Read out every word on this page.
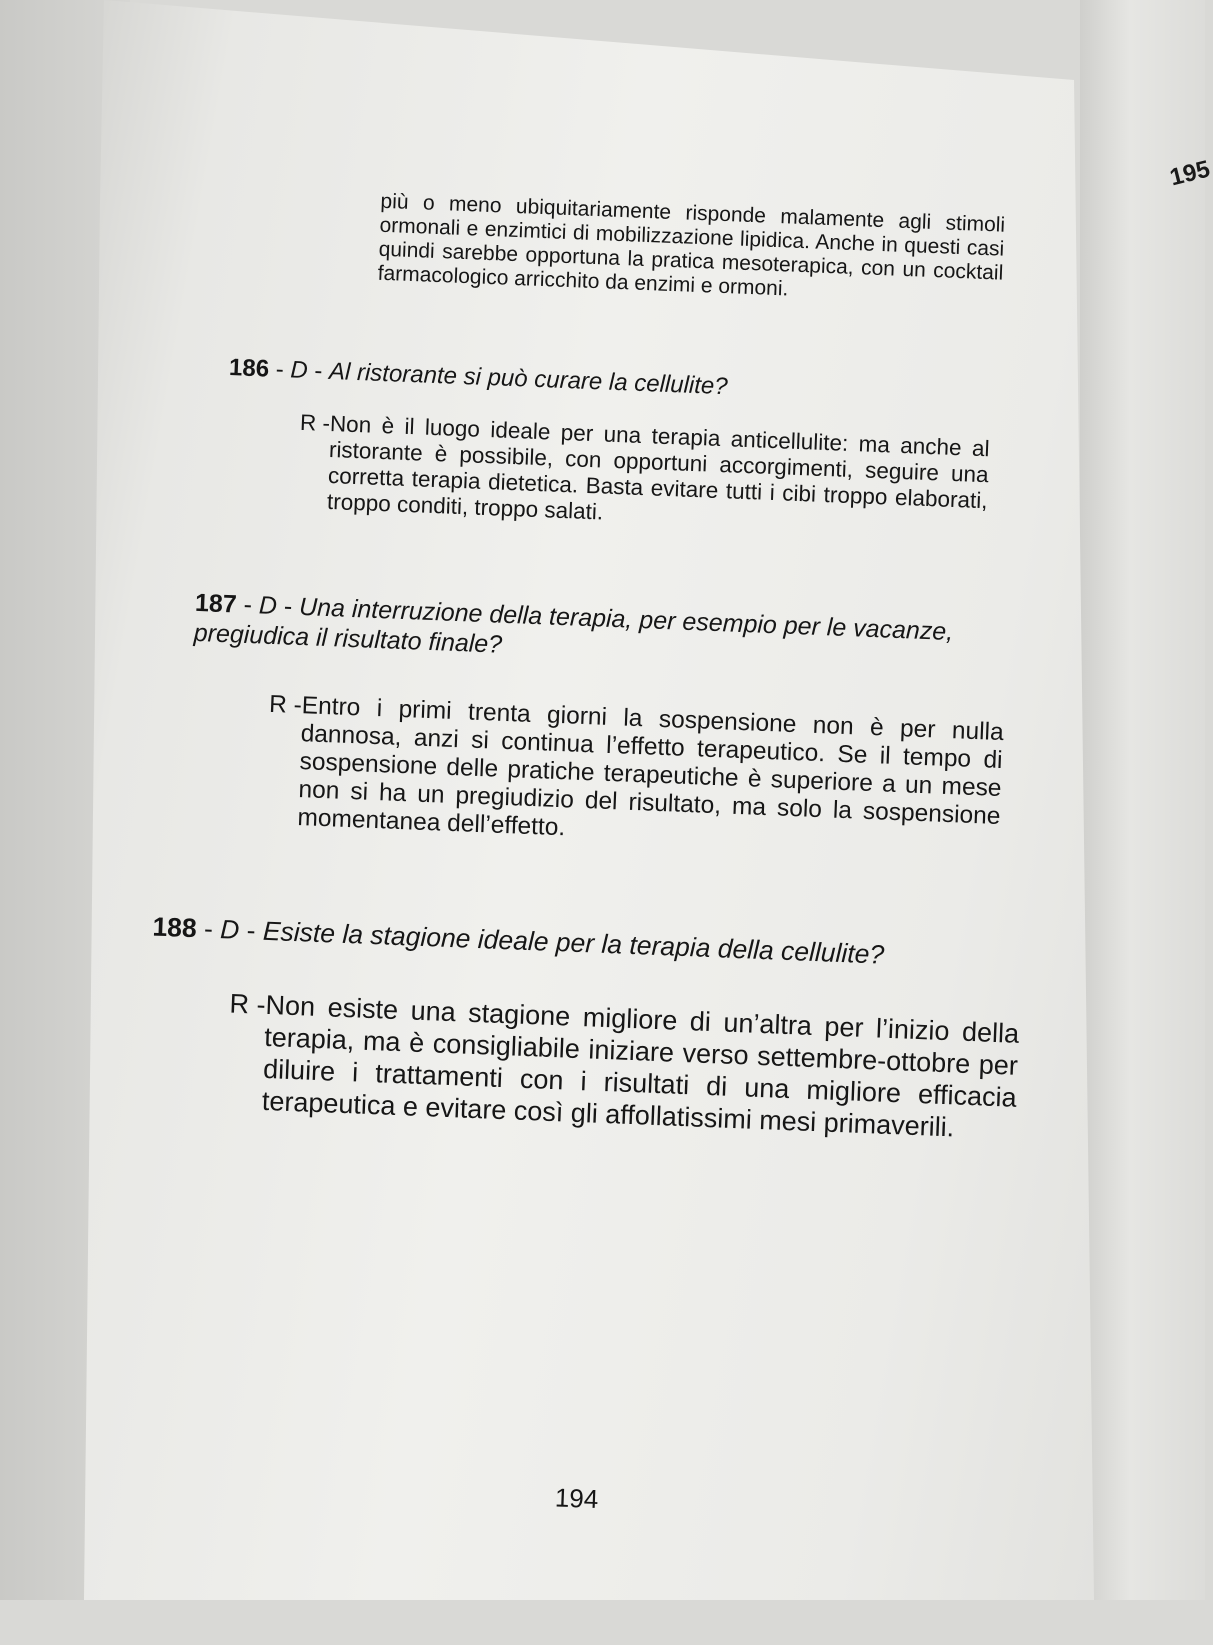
195
più o meno ubiquitariamente risponde malamente agli stimoli ormonali e enzimtici di mobilizzazione lipidica. Anche in questi casi quindi sarebbe opportuna la pratica mesoterapica, con un cocktail farmacologico arricchito da enzimi e ormoni.
186 - D - Al ristorante si può curare la cellulite?
R - Non è il luogo ideale per una terapia anticellulite: ma anche al ristorante è possibile, con opportuni accorgimenti, seguire una corretta terapia dietetica. Basta evitare tutti i cibi troppo elaborati, troppo conditi, troppo salati.
187 - D - Una interruzione della terapia, per esempio per le vacanze, pregiudica il risultato finale?
R -
Entro i primi trenta giorni la sospensione non è per nulla dannosa, anzi si continua l’effetto terapeutico. Se il tempo di sospensione delle pratiche terapeutiche è superiore a un mese non si ha un pregiudizio del risultato, ma solo la sospensione momentanea dell’effetto.
188 - D - Esiste la stagione ideale per la terapia della cellulite?
R -
Non esiste una stagione migliore di un’altra per l’inizio della terapia, ma è consigliabile iniziare verso settembre-ottobre per diluire i trattamenti con i risultati di una migliore efficacia terapeutica e evitare così gli affollatissimi mesi primaverili.
194
